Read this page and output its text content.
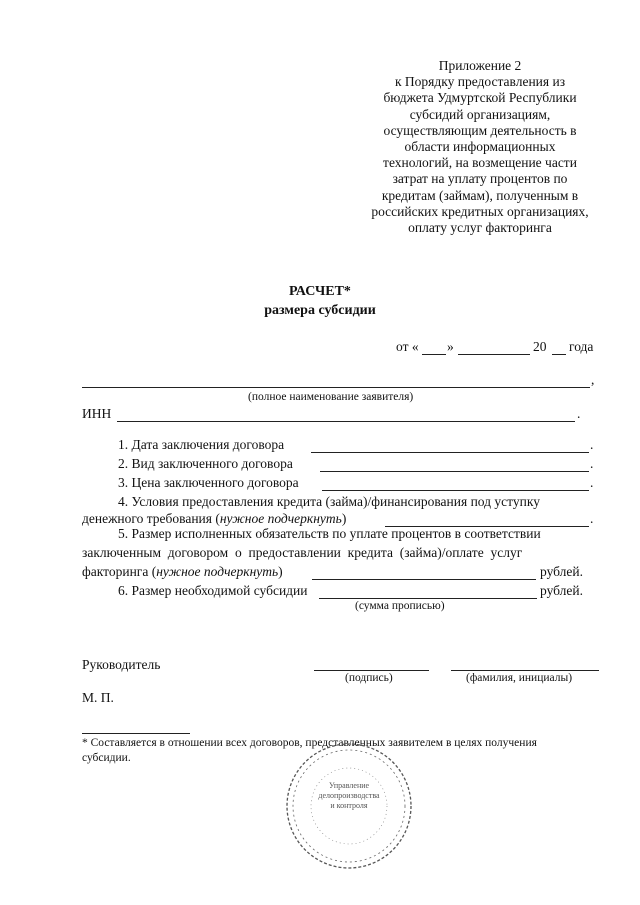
Приложение 2
к Порядку предоставления из
бюджета Удмуртской Республики
субсидий организациям,
осуществляющим деятельность в
области информационных
технологий, на возмещение части
затрат на уплату процентов по
кредитам (займам), полученным в
российских кредитных организациях,
оплату услуг факторинга
РАСЧЕТ*
размера субсидии
от « »	20 года
,
(полное наименование заявителя)
ИНН	.
1. Дата заключения договора	.
2. Вид заключенного договора	.
3. Цена заключенного договора	.
4. Условия предоставления кредита (займа)/финансирования под уступку
денежного требования (нужное подчеркнуть)	.
5. Размер исполненных обязательств по уплате процентов в соответствии
заключенным договором о предоставлении кредита (займа)/оплате услуг
факторинга (нужное подчеркнуть)	рублей.
6. Размер необходимой субсидии	рублей.
(сумма прописью)
Руководитель
(подпись)	(фамилия, инициалы)
М. П.
* Составляется в отношении всех договоров, представленных заявителем в целях получения
субсидии.
Управление
делопроизводства
и контроля
